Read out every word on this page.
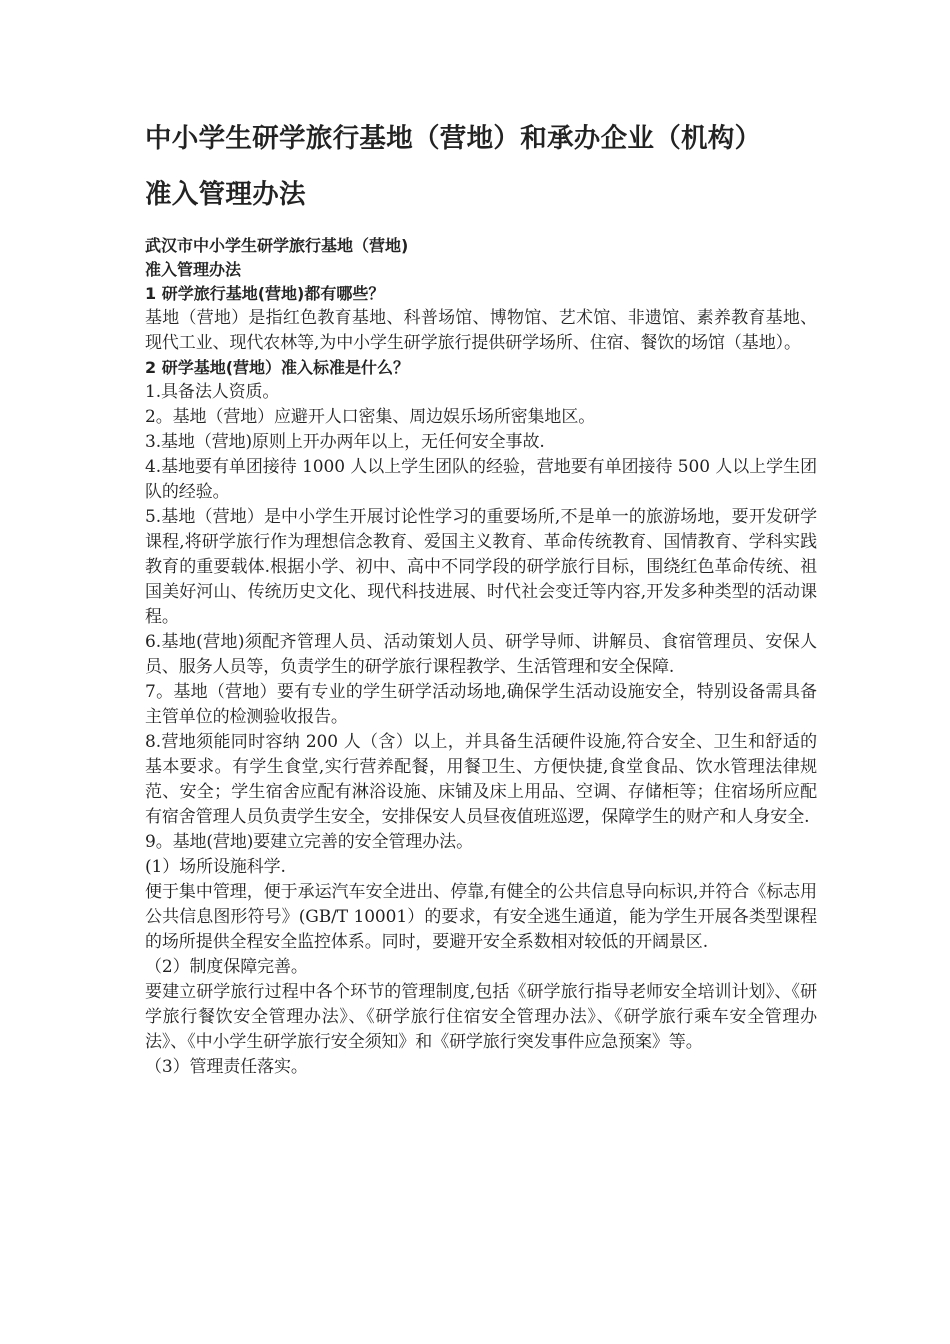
中小学生研学旅行基地（营地）和承办企业（机构）
准入管理办法

武汉市中小学生研学旅行基地（营地)

准入管理办法

1 研学旅行基地(营地)都有哪些？

基地（营地）是指红色教育基地、科普场馆、博物馆、艺术馆、非遗馆、素养教育基地、现代工业、现代农林等,为中小学生研学旅行提供研学场所、住宿、餐饮的场馆（基地）。

2 研学基地(营地）准入标准是什么？

1.具备法人资质。

2。基地（营地）应避开人口密集、周边娱乐场所密集地区。

3.基地（营地)原则上开办两年以上，无任何安全事故.

4.基地要有单团接待 1000 人以上学生团队的经验，营地要有单团接待 500 人以上学生团队的经验。

5.基地（营地）是中小学生开展讨论性学习的重要场所,不是单一的旅游场地，要开发研学课程,将研学旅行作为理想信念教育、爱国主义教育、革命传统教育、国情教育、学科实践教育的重要载体.根据小学、初中、高中不同学段的研学旅行目标，围绕红色革命传统、祖国美好河山、传统历史文化、现代科技进展、时代社会变迁等内容,开发多种类型的活动课程。

6.基地(营地)须配齐管理人员、活动策划人员、研学导师、讲解员、食宿管理员、安保人员、服务人员等，负责学生的研学旅行课程教学、生活管理和安全保障.

7。基地（营地）要有专业的学生研学活动场地,确保学生活动设施安全，特别设备需具备主管单位的检测验收报告。

8.营地须能同时容纳 200 人（含）以上，并具备生活硬件设施,符合安全、卫生和舒适的基本要求。有学生食堂,实行营养配餐，用餐卫生、方便快捷,食堂食品、饮水管理法律规范、安全；学生宿舍应配有淋浴设施、床铺及床上用品、空调、存储柜等；住宿场所应配有宿舍管理人员负责学生安全，安排保安人员昼夜值班巡逻，保障学生的财产和人身安全.

9。基地(营地)要建立完善的安全管理办法。

(1）场所设施科学.

便于集中管理，便于承运汽车安全进出、停靠,有健全的公共信息导向标识,并符合《标志用公共信息图形符号》(GB/T 10001）的要求，有安全逃生通道，能为学生开展各类型课程的场所提供全程安全监控体系。同时，要避开安全系数相对较低的开阔景区.

（2）制度保障完善。

要建立研学旅行过程中各个环节的管理制度,包括《研学旅行指导老师安全培训计划》、《研学旅行餐饮安全管理办法》、《研学旅行住宿安全管理办法》、《研学旅行乘车安全管理办法》、《中小学生研学旅行安全须知》和《研学旅行突发事件应急预案》等。

（3）管理责任落实。
